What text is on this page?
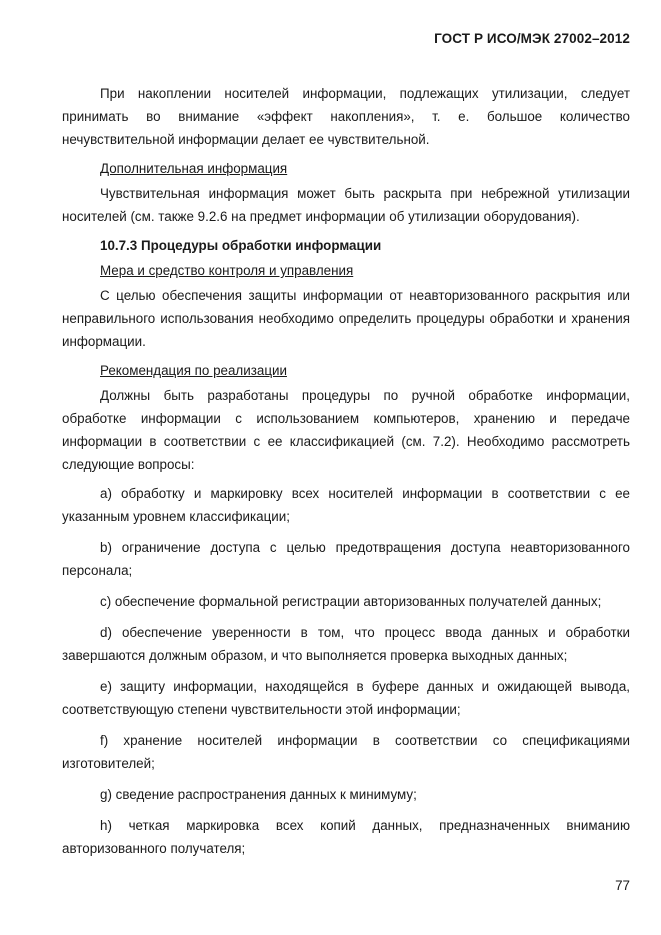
ГОСТ Р ИСО/МЭК 27002–2012

При накоплении носителей информации, подлежащих утилизации, следует принимать во внимание «эффект накопления», т. е. большое количество нечувствительной информации делает ее чувствительной.

Дополнительная информация

Чувствительная информация может быть раскрыта при небрежной утилизации носителей (см. также 9.2.6 на предмет информации об утилизации оборудования).

10.7.3 Процедуры обработки информации

Мера и средство контроля и управления

С целью обеспечения защиты информации от неавторизованного раскрытия или неправильного использования необходимо определить процедуры обработки и хранения информации.

Рекомендация по реализации

Должны быть разработаны процедуры по ручной обработке информации, обработке информации с использованием компьютеров, хранению и передаче информации в соответствии с ее классификацией (см. 7.2). Необходимо рассмотреть следующие вопросы:

a) обработку и маркировку всех носителей информации в соответствии с ее указанным уровнем классификации;

b) ограничение доступа с целью предотвращения доступа неавторизованного персонала;

c) обеспечение формальной регистрации авторизованных получателей данных;

d) обеспечение уверенности в том, что процесс ввода данных и обработки завершаются должным образом, и что выполняется проверка выходных данных;

e) защиту информации, находящейся в буфере данных и ожидающей вывода, соответствующую степени чувствительности этой информации;

f) хранение носителей информации в соответствии со спецификациями изготовителей;

g) сведение распространения данных к минимуму;

h) четкая маркировка всех копий данных, предназначенных вниманию авторизованного получателя;

77
